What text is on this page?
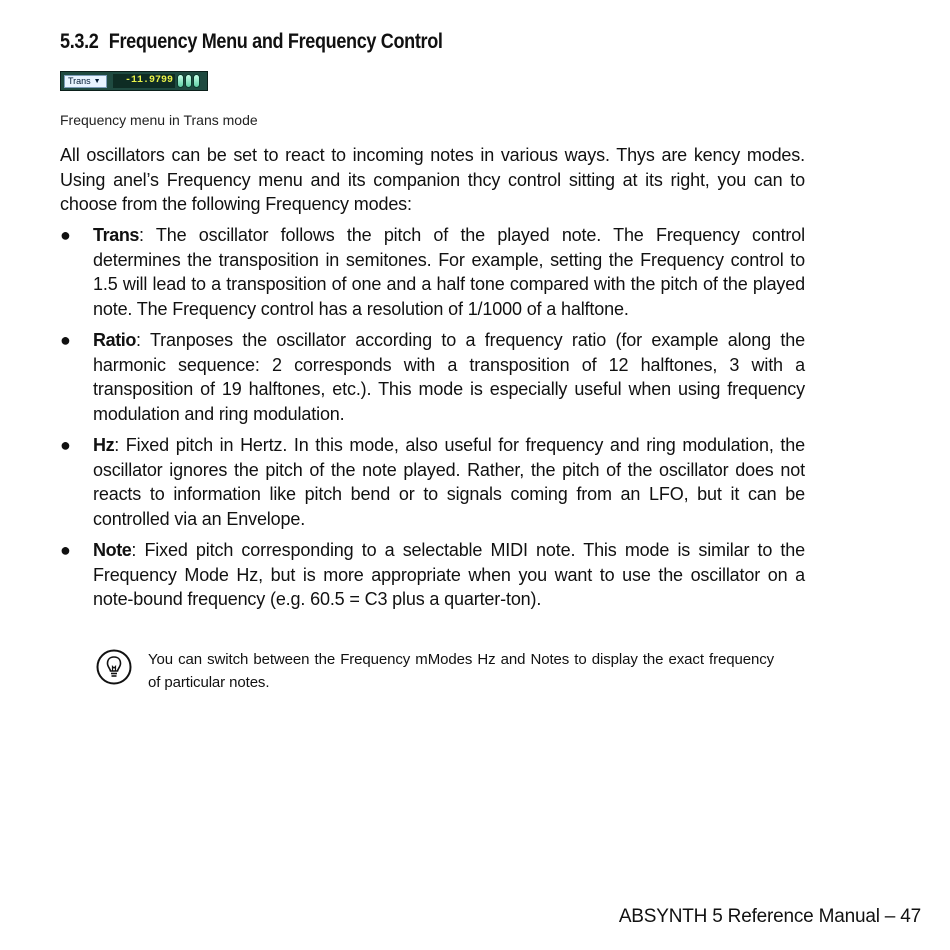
5.3.2 Frequency Menu and Frequency Control
Trans ▼	-11.9799
Frequency menu in Trans mode

All oscillators can be set to react to incoming notes in various ways. Thys are kency modes. Using anel’s Frequency menu and its companion thcy control sitting at its right, you can to choose from the following Frequency modes:

● Trans: The oscillator follows the pitch of the played note. The Frequency control determines the transposition in semitones. For example, setting the Frequency control to 1.5 will lead to a transposition of one and a half tone compared with the pitch of the played note. The Frequency control has a resolution of 1/1000 of a halftone.
● Ratio: Tranposes the oscillator according to a frequency ratio (for example along the harmonic sequence: 2 corresponds with a transposition of 12 halftones, 3 with a transposition of 19 halftones, etc.). This mode is especially useful when using frequency modulation and ring modulation.
● Hz: Fixed pitch in Hertz. In this mode, also useful for frequency and ring modulation, the oscillator ignores the pitch of the note played. Rather, the pitch of the oscillator does not reacts to information like pitch bend or to signals coming from an LFO, but it can be controlled via an Envelope.
● Note: Fixed pitch corresponding to a selectable MIDI note. This mode is similar to the Frequency Mode Hz, but is more appropriate when you want to use the oscillator on a note-bound frequency (e.g. 60.5 = C3 plus a quarter-ton).
You can switch between the Frequency mModes Hz and Notes to display the exact frequency of particular notes.
ABSYNTH 5 Reference Manual – 47
